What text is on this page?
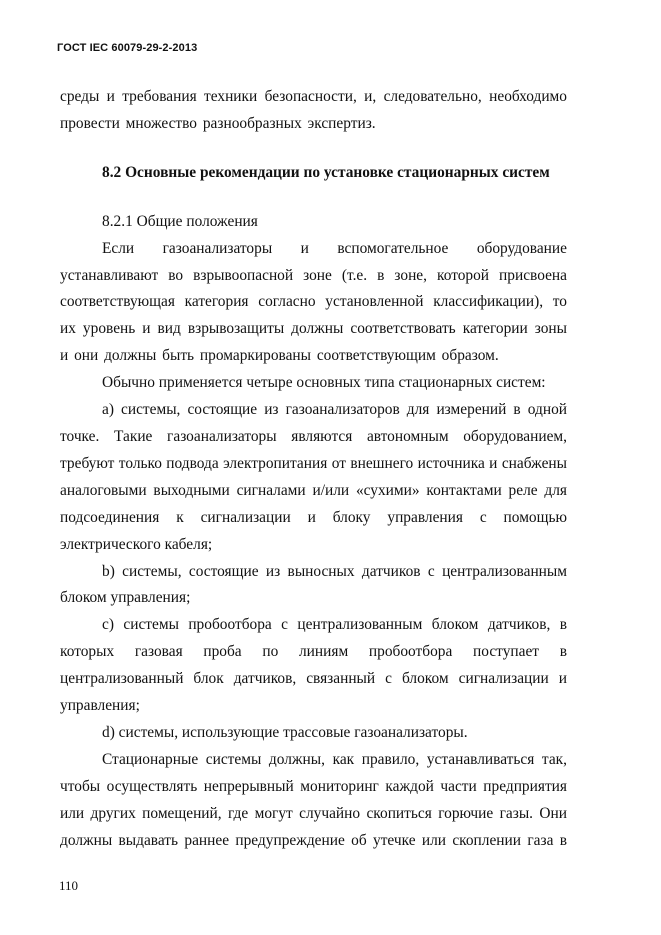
ГОСТ IEC 60079-29-2-2013

среды и требования техники безопасности, и, следовательно, необходимо провести множество разнообразных экспертиз.

8.2 Основные рекомендации по установке стационарных систем

8.2.1 Общие положения

Если газоанализаторы и вспомогательное оборудование устанавливают во взрывоопасной зоне (т.е. в зоне, которой присвоена соответствующая категория согласно установленной классификации), то их уровень и вид взрывозащиты должны соответствовать категории зоны и они должны быть промаркированы соответствующим образом.

Обычно применяется четыре основных типа стационарных систем:

а) системы, состоящие из газоанализаторов для измерений в одной точке. Такие газоанализаторы являются автономным оборудованием, требуют только подвода электропитания от внешнего источника и снабжены аналоговыми выходными сигналами и/или «сухими» контактами реле для подсоединения к сигнализации и блоку управления с помощью электрического кабеля;

b) системы, состоящие из выносных датчиков с централизованным блоком управления;

с) системы пробоотбора с централизованным блоком датчиков, в которых газовая проба по линиям пробоотбора поступает в централизованный блок датчиков, связанный с блоком сигнализации и управления;

d) системы, использующие трассовые газоанализаторы.

Стационарные системы должны, как правило, устанавливаться так, чтобы осуществлять непрерывный мониторинг каждой части предприятия или других помещений, где могут случайно скопиться горючие газы. Они должны выдавать раннее предупреждение об утечке или скоплении газа в

110
